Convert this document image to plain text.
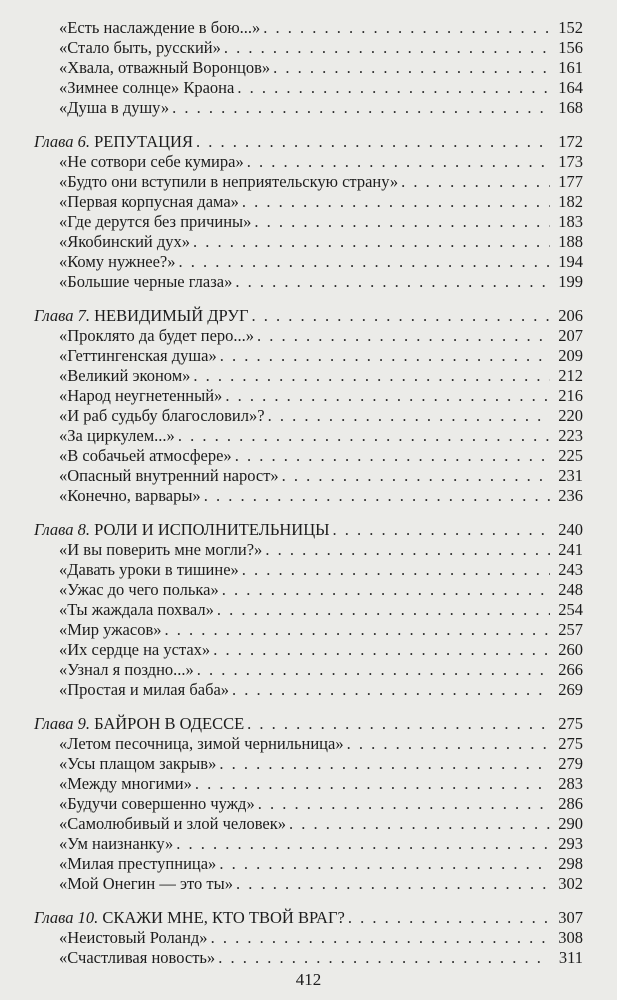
«Есть наслаждение в бою...» . . .	152
«Стало быть, русский» . . .	156
«Хвала, отважный Воронцов» . . .	161
«Зимнее солнце» Краона . . .	164
«Душа в душу» . . .	168
Глава 6. РЕПУТАЦИЯ . . .	172
«Не сотвори себе кумира» . . .	173
«Будто они вступили в неприятельскую страну» . . .	177
«Первая корпусная дама» . . .	182
«Где дерутся без причины» . . .	183
«Якобинский дух» . . .	188
«Кому нужнее?» . . .	194
«Большие черные глаза» . . .	199
Глава 7. НЕВИДИМЫЙ ДРУГ . . .	206
«Проклято да будет перо...» . . .	207
«Геттингенская душа» . . .	209
«Великий эконом» . . .	212
«Народ неугнетенный» . . .	216
«И раб судьбу благословил»? . . .	220
«За циркулем...» . . .	223
«В собачьей атмосфере» . . .	225
«Опасный внутренний нарост» . . .	231
«Конечно, варвары» . . .	236
Глава 8. РОЛИ И ИСПОЛНИТЕЛЬНИЦЫ . . .	240
«И вы поверить мне могли?» . . .	241
«Давать уроки в тишине» . . .	243
«Ужас до чего полька» . . .	248
«Ты жаждала похвал» . . .	254
«Мир ужасов» . . .	257
«Их сердце на устах» . . .	260
«Узнал я поздно...» . . .	266
«Простая и милая баба» . . .	269
Глава 9. БАЙРОН В ОДЕССЕ . . .	275
«Летом песочница, зимой чернильница» . . .	275
«Усы плащом закрыв» . . .	279
«Между многими» . . .	283
«Будучи совершенно чужд» . . .	286
«Самолюбивый и злой человек» . . .	290
«Ум наизнанку» . . .	293
«Милая преступница» . . .	298
«Мой Онегин — это ты» . . .	302
Глава 10. СКАЖИ МНЕ, КТО ТВОЙ ВРАГ? . . .	307
«Неистовый Роланд» . . .	308
«Счастливая новость» . . .	311
412
